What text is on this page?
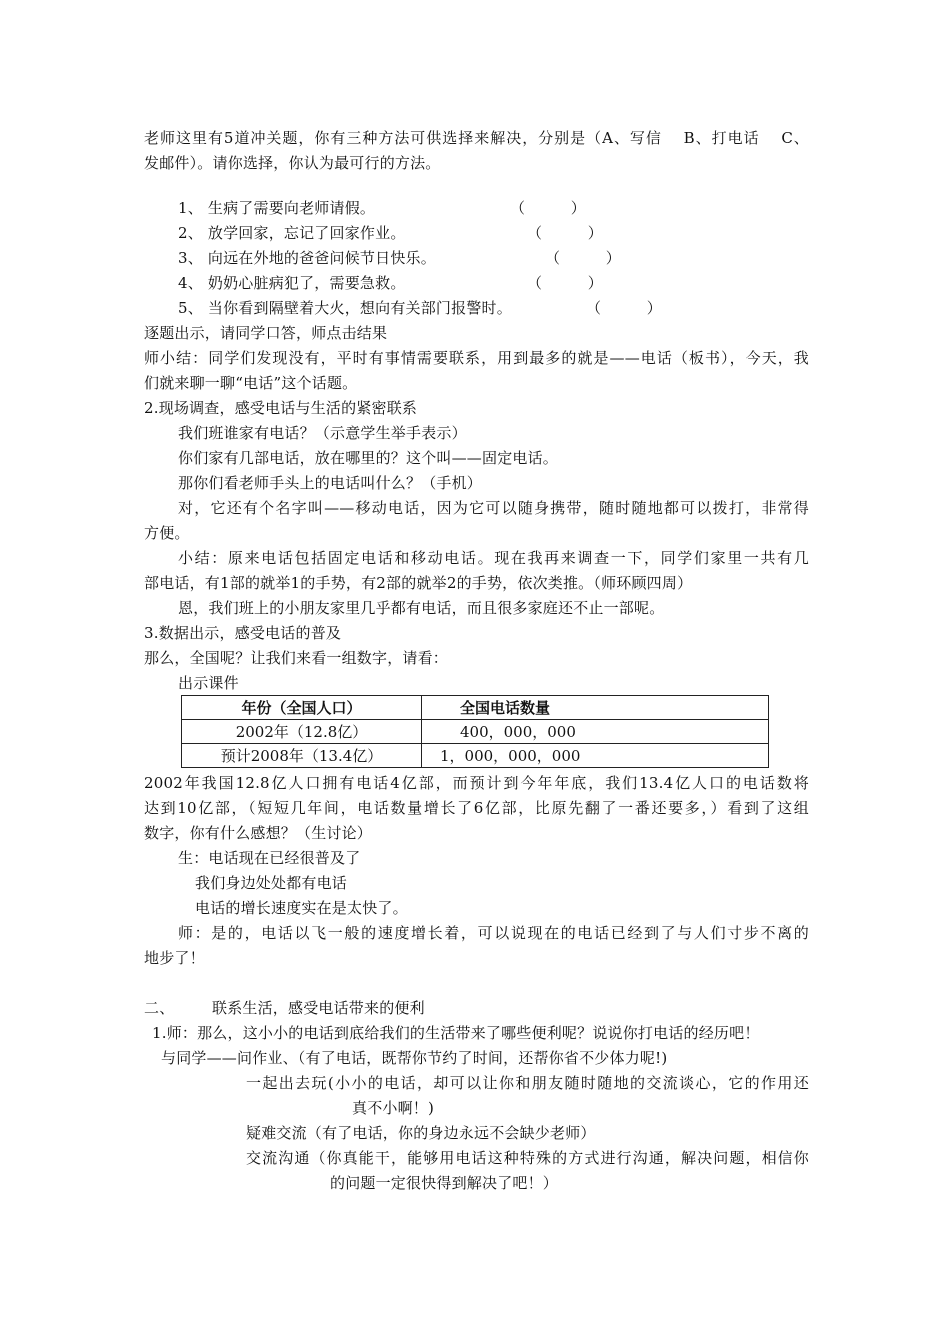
老师这里有5道冲关题，你有三种方法可供选择来解决，分别是（A、写信　 B、打电话　 C、
发邮件）。请你选择，你认为最可行的方法。
1、 生病了需要向老师请假。	（　　　）
2、 放学回家，忘记了回家作业。	（　　　）
3、 向远在外地的爸爸问候节日快乐。	（　　　）
4、 奶奶心脏病犯了，需要急救。	（　　　）
5、 当你看到隔壁着大火，想向有关部门报警时。	（　　　）
逐题出示，请同学口答，师点击结果
师小结：同学们发现没有，平时有事情需要联系，用到最多的就是——电话（板书），今天，我
们就来聊一聊“电话”这个话题。
2.现场调查，感受电话与生活的紧密联系
我们班谁家有电话？（示意学生举手表示）
你们家有几部电话，放在哪里的？这个叫——固定电话。
那你们看老师手头上的电话叫什么？（手机）
对，它还有个名字叫——移动电话，因为它可以随身携带，随时随地都可以拨打，非常得
方便。
小结：原来电话包括固定电话和移动电话。现在我再来调查一下，同学们家里一共有几
部电话，有1部的就举1的手势，有2部的就举2的手势，依次类推。（师环顾四周）
恩，我们班上的小朋友家里几乎都有电话，而且很多家庭还不止一部呢。
3.数据出示，感受电话的普及
那么，全国呢？让我们来看一组数字，请看：
出示课件
年份（全国人口）	全国电话数量
2002年（12.8亿）	400，000，000
预计2008年（13.4亿）	1，000，000，000
2002年我国12.8亿人口拥有电话4亿部，而预计到今年年底，我们13.4亿人口的电话数将
达到10亿部，（短短几年间，电话数量增长了6亿部，比原先翻了一番还要多，）看到了这组
数字，你有什么感想？（生讨论）
生：电话现在已经很普及了
我们身边处处都有电话
电话的增长速度实在是太快了。
师：是的，电话以飞一般的速度增长着，可以说现在的电话已经到了与人们寸步不离的
地步了！
二、	联系生活，感受电话带来的便利
1.师：那么，这小小的电话到底给我们的生活带来了哪些便利呢？说说你打电话的经历吧！
与同学——问作业、（有了电话，既帮你节约了时间，还帮你省不少体力呢!)
一起出去玩(小小的电话，却可以让你和朋友随时随地的交流谈心，它的作用还
真不小啊！)
疑难交流（有了电话，你的身边永远不会缺少老师）
交流沟通（你真能干，能够用电话这种特殊的方式进行沟通，解决问题，相信你
的问题一定很快得到解决了吧！）
